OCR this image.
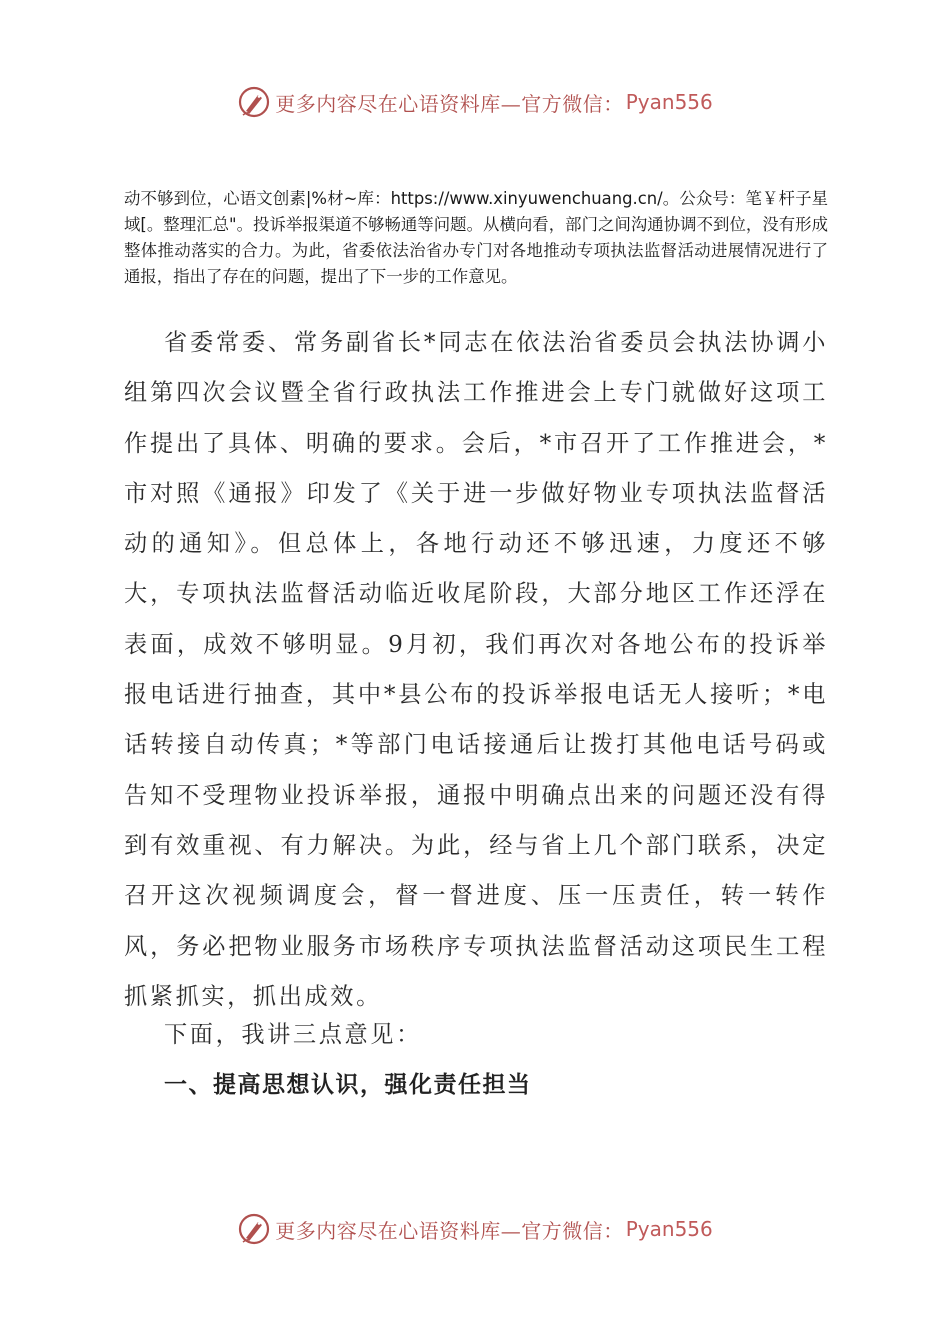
更多内容尽在心语资料库—官方微信： Pyan556

动不够到位，心语文创素|%材~库：https://www.xinyuwenchuang.cn/。公众号：笔￥杆子星域[。整理汇总"。投诉举报渠道不够畅通等问题。从横向看，部门之间沟通协调不到位，没有形成整体推动落实的合力。为此，省委依法治省办专门对各地推动专项执法监督活动进展情况进行了通报，指出了存在的问题，提出了下一步的工作意见。

省委常委、常务副省长*同志在依法治省委员会执法协调小组第四次会议暨全省行政执法工作推进会上专门就做好这项工作提出了具体、明确的要求。会后，*市召开了工作推进会，*市对照《通报》印发了《关于进一步做好物业专项执法监督活动的通知》。但总体上，各地行动还不够迅速，力度还不够大，专项执法监督活动临近收尾阶段，大部分地区工作还浮在表面，成效不够明显。9月初，我们再次对各地公布的投诉举报电话进行抽查，其中*县公布的投诉举报电话无人接听；*电话转接自动传真；*等部门电话接通后让拨打其他电话号码或告知不受理物业投诉举报，通报中明确点出来的问题还没有得到有效重视、有力解决。为此，经与省上几个部门联系，决定召开这次视频调度会，督一督进度、压一压责任，转一转作风，务必把物业服务市场秩序专项执法监督活动这项民生工程抓紧抓实，抓出成效。

下面，我讲三点意见：

一、提高思想认识，强化责任担当
更多内容尽在心语资料库—官方微信： Pyan556
